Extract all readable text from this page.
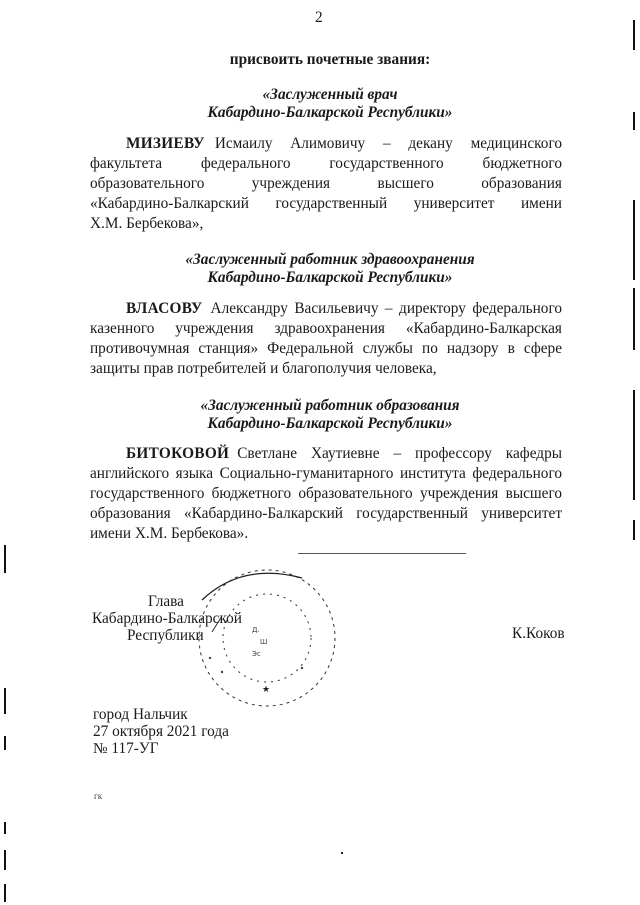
2
присвоить почетные звания:
«Заслуженный врач
Кабардино-Балкарской Республики»
МИЗИЕВУ Исмаилу Алимовичу – декану медицинского
факультета	федерального	государственного	бюджетного
образовательного	учреждения	высшего	образования
«Кабардино-Балкарский государственный университет имени
Х.М. Бербекова»,
«Заслуженный работник здравоохранения
Кабардино-Балкарской Республики»
ВЛАСОВУ Александру Васильевичу – директору федерального
казенного учреждения здравоохранения «Кабардино-Балкарская
противочумная станция» Федеральной службы по надзору в сфере
защиты прав потребителей и благополучия человека,
«Заслуженный работник образования
Кабардино-Балкарской Республики»
БИТОКОВОЙ Светлане Хаутиевне – профессору кафедры
английского языка Социально-гуманитарного института федерального
государственного бюджетного образовательного учреждения высшего
образования «Кабардино-Балкарский государственный университет
имени Х.М. Бербекова».
Д.
Ш
Эс
★
Глава
Кабардино-Балкарской
Республики	К.Коков
город Нальчик
27 октября 2021 года
№ 117-УГ
гк
